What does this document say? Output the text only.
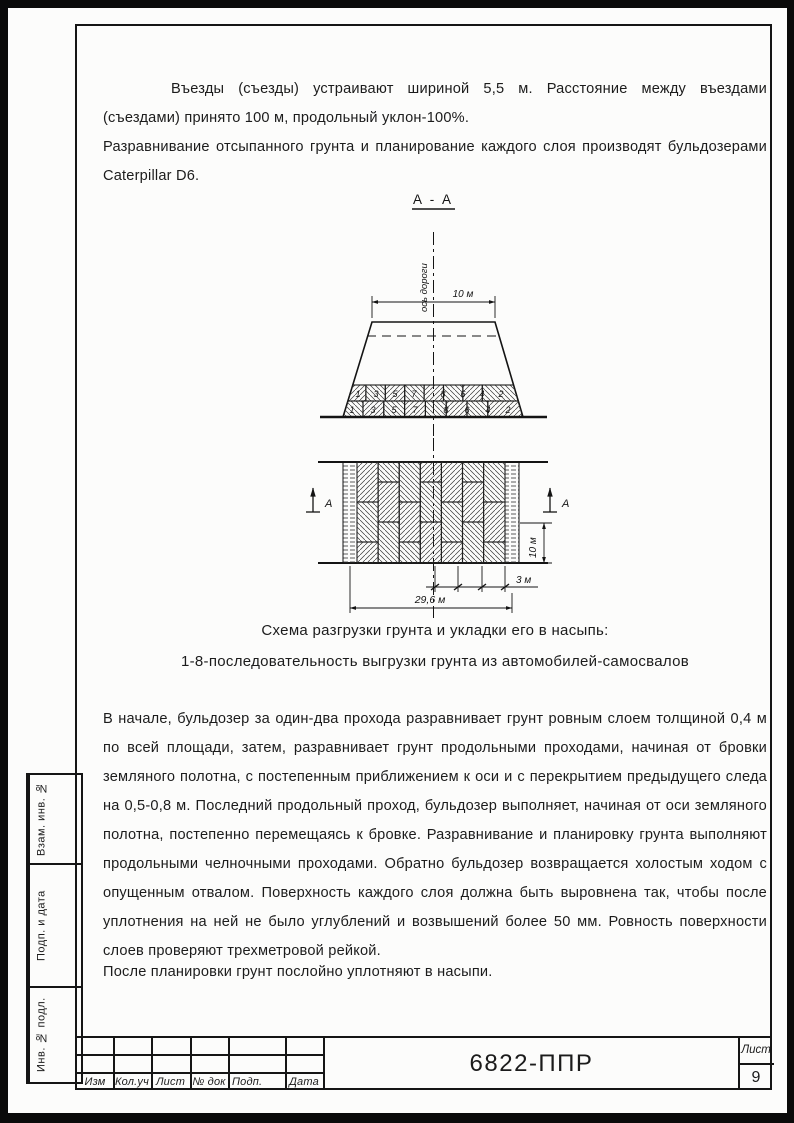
Въезды (съезды) устраивают шириной 5,5 м. Расстояние между въездами (съездами) принято 100 м, продольный уклон-100%.
Разравнивание отсыпанного грунта и планирование каждого слоя производят бульдозерами Caterpillar D6.
А - А
ось дороги 10 м
1 3 5 7	8 6 4 2
1 3 5 7	8 6 4 2
А	А
10 м
3 м
29,6 м
Схема разгрузки грунта и укладки его в насыпь:
1-8-последовательность выгрузки грунта из автомобилей-самосвалов
В начале, бульдозер за один-два прохода разравнивает грунт ровным слоем толщиной 0,4 м по всей площади, затем, разравнивает грунт продольными проходами, начиная от бровки земляного полотна, с постепенным приближением к оси и с перекрытием предыдущего следа на 0,5-0,8 м. Последний продольный проход, бульдозер выполняет, начиная от оси земляного полотна, постепенно перемещаясь к бровке. Разравнивание и планировку грунта выполняют продольными челночными проходами. Обратно бульдозер возвращается холостым ходом с опущенным отвалом. Поверхность каждого слоя должна быть выровнена так, чтобы после уплотнения на ней не было углублений и возвышений более 50 мм. Ровность поверхности слоев проверяют трехметровой рейкой.
После планировки грунт послойно уплотняют в насыпи.
Взам. инв. №
Подп. и дата
Инв. № подл.
Изм Кол.уч Лист № док Подп.	Дата
6822-ППР	Лист
9
